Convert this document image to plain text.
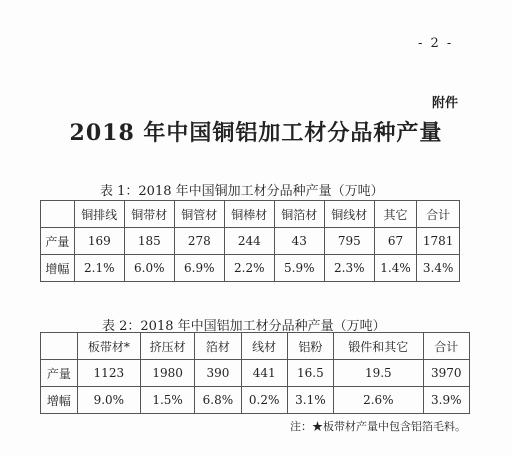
- 2 -
附件
2018 年中国铜铝加工材分品种产量
表 1：2018 年中国铜加工材分品种产量（万吨）
	铜排线	铜带材	铜管材	铜棒材	铜箔材	铜线材	其它	合计
产量	169	185	278	244	43	795	67	1781
增幅	2.1%	6.0%	6.9%	2.2%	5.9%	2.3%	1.4%	3.4%
表 2：2018 年中国铝加工材分品种产量（万吨）
	板带材*	挤压材	箔材	线材	铝粉	锻件和其它	合计
产量	1123	1980	390	441	16.5	19.5	3970
增幅	9.0%	1.5%	6.8%	0.2%	3.1%	2.6%	3.9%
注：★板带材产量中包含铝箔毛料。
